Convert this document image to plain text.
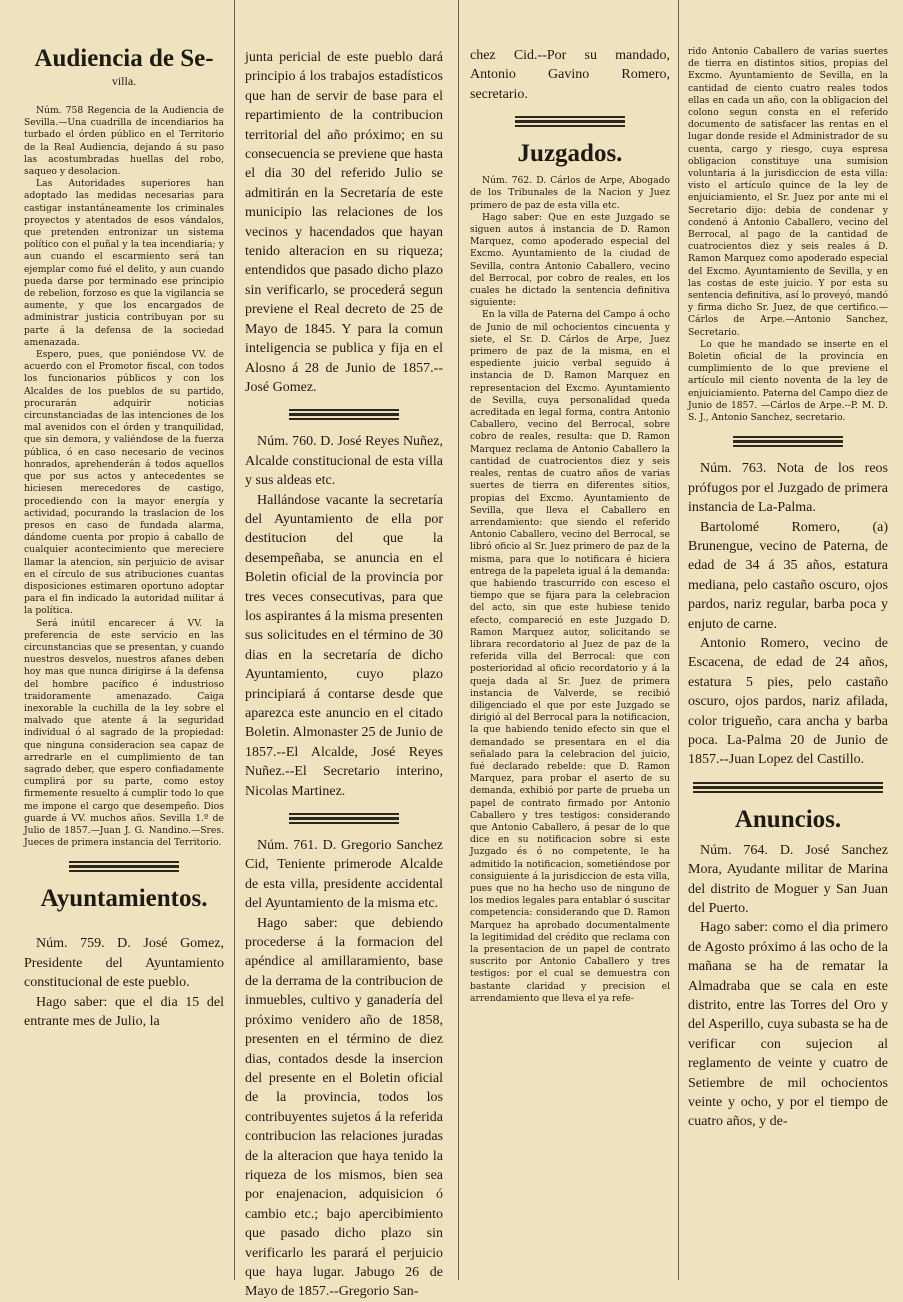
Audiencia de Se-
villa.

Núm. 758 Regencia de la Audiencia de Sevilla.—Una cuadrilla de incendiarios ha turbado el órden público en el Territorio de la Real Audiencia, dejando á su paso las acostumbradas huellas del robo, saqueo y desolacion.

Las Autoridades superiores han adoptado las medidas necesarias para castigar instantáneamente los criminales proyectos y atentados de esos vándalos, que pretenden entronizar un sistema político con el puñal y la tea incendiaria; y aun cuando el escarmiento será tan ejemplar como fué el delito, y aun cuando pueda darse por terminado ese principio de rebelion, forzoso es que la vigilancia se aumente, y que los encargados de administrar justicia contribuyan por su parte á la defensa de la sociedad amenazada.

Espero, pues, que poniéndose VV. de acuerdo con el Promotor fiscal, con todos los funcionarios públicos y con los Alcaldes de los pueblos de su partido, procurarán adquirir noticias circunstanciadas de las intenciones de los mal avenidos con el órden y tranquilidad, que sin demora, y valiéndose de la fuerza pública, ó en caso necesario de vecinos honrados, aprehenderán á todos aquellos que por sus actos y antecedentes se hiciesen merecedores de castigo, procediendo con la mayor energía y actividad, pocurando la traslacion de los presos en caso de fundada alarma, dándome cuenta por propio á caballo de cualquier acontecimiento que mereciere llamar la atencion, sin perjuicio de avisar en el círculo de sus atribuciones cuantas disposiciones estimaren oportuno adoptar para el fin indicado la autoridad militar á la política.

Será inútil encarecer á VV. la preferencia de este servicio en las circunstancias que se presentan, y cuando nuestros desvelos, nuestros afanes deben hoy mas que nunca dirigirse á la defensa del hombre pacífico é industrioso traidoramente amenazado. Caiga inexorable la cuchilla de la ley sobre el malvado que atente á la seguridad individual ó al sagrado de la propiedad: que ninguna consideracion sea capaz de arredrarle en el cumplimiento de tan sagrado deber, que espero confiadamente cumplirá por su parte, como estoy firmemente resuelto á cumplir todo lo que me impone el cargo que desempeño. Dios guarde á VV. muchos años. Sevilla 1.º de Julio de 1857.—Juan J. G. Nandino.—Sres. Jueces de primera instancia del Territorio.

Ayuntamientos.

Núm. 759. D. José Gomez, Presidente del Ayuntamiento constitucional de este pueblo.

Hago saber: que el dia 15 del entrante mes de Julio, la

junta pericial de este pueblo dará principio á los trabajos estadísticos que han de servir de base para el repartimiento de la contribucion territorial del año próximo; en su consecuencia se previene que hasta el dia 30 del referido Julio se admitirán en la Secretaría de este municipio las relaciones de los vecinos y hacendados que hayan tenido alteracion en su riqueza; entendidos que pasado dicho plazo sin verificarlo, se procederá segun previene el Real decreto de 25 de Mayo de 1845. Y para la comun inteligencia se publica y fija en el Alosno á 28 de Junio de 1857.--José Gomez.

Núm. 760. D. José Reyes Nuñez, Alcalde constitucional de esta villa y sus aldeas etc.

Hallándose vacante la secretaría del Ayuntamiento de ella por destitucion del que la desempeñaba, se anuncia en el Boletin oficial de la provincia por tres veces consecutivas, para que los aspirantes á la misma presenten sus solicitudes en el término de 30 dias en la secretaría de dicho Ayuntamiento, cuyo plazo principiará á contarse desde que aparezca este anuncio en el citado Boletin. Almonaster 25 de Junio de 1857.--El Alcalde, José Reyes Nuñez.--El Secretario interino, Nicolas Martinez.

Núm. 761. D. Gregorio Sanchez Cid, Teniente primerode Alcalde de esta villa, presidente accidental del Ayuntamiento de la misma etc.

Hago saber: que debiendo procederse á la formacion del apéndice al amillaramiento, base de la derrama de la contribucion de inmuebles, cultivo y ganadería del próximo venidero año de 1858, presenten en el término de diez dias, contados desde la insercion del presente en el Boletin oficial de la provincia, todos los contribuyentes sujetos á la referida contribucion las relaciones juradas de la alteracion que haya tenido la riqueza de los mismos, bien sea por enajenacion, adquisicion ó cambio etc.; bajo apercibimiento que pasado dicho plazo sin verificarlo les parará el perjuicio que haya lugar. Jabugo 26 de Mayo de 1857.--Gregorio San-

chez Cid.--Por su mandado, Antonio Gavino Romero, secretario.

Juzgados.

Núm. 762. D. Cárlos de Arpe, Abogado de los Tribunales de la Nacion y Juez primero de paz de esta villa etc.

Hago saber: Que en este Juzgado se siguen autos á instancia de D. Ramon Marquez, como apoderado especial del Excmo. Ayuntamiento de la ciudad de Sevilla, contra Antonio Caballero, vecino del Berrocal, por cobro de reales, en los cuales he dictado la sentencia definitiva siguiente:

En la villa de Paterna del Campo á ocho de Junio de mil ochocientos cincuenta y siete, el Sr. D. Cárlos de Arpe, Juez primero de paz de la misma, en el espediente juicio verbal seguido á instancia de D. Ramon Marquez en representacion del Excmo. Ayuntamiento de Sevilla, cuya personalidad queda acreditada en legal forma, contra Antonio Caballero, vecino del Berrocal, sobre cobro de reales, resulta: que D. Ramon Marquez reclama de Antonio Caballero la cantidad de cuatrocientos diez y seis reales, rentas de cuatro años de varias suertes de tierra en diferentes sitios, propias del Excmo. Ayuntamiento de Sevilla, que lleva el Caballero en arrendamiento: que siendo el referido Antonio Caballero, vecino del Berrocal, se libró oficio al Sr. Juez primero de paz de la misma, para que lo notificara é hiciera entrega de la papeleta igual á la demanda: que habiendo trascurrido con esceso el tiempo que se fijara para la celebracion del acto, sin que este hubiese tenido efecto, compareció en este Juzgado D. Ramon Marquez autor, solicitando se librara recordatorio al Juez de paz de la referida villa del Berrocal: que con posterioridad al oficio recordatorio y á la queja dada al Sr. Juez de primera instancia de Valverde, se recibió diligenciado el que por este Juzgado se dirigió al del Berrocal para la notificacion, la que habiendo tenido efecto sin que el demandado se presentara en el dia señalado para la celebracion del juicio, fué declarado rebelde: que D. Ramon Marquez, para probar el aserto de su demanda, exhibió por parte de prueba un papel de contrato firmado por Antonio Caballero y tres testigos: considerando que Antonio Caballero, á pesar de lo que dice en su notificacion sobre si este Juzgado és ó no competente, le ha admitido la notificacion, sometiéndose por consiguiente á la jurisdiccion de esta villa, pues que no ha hecho uso de ninguno de los medios legales para entablar ó suscitar competencia: considerando que D. Ramon Marquez ha aprobado documentalmente la legitimidad del crédito que reclama con la presentacion de un papel de contrato suscrito por Antonio Caballero y tres testigos: por el cual se demuestra con bastante claridad y precision el arrendamiento que lleva el ya refe-

rido Antonio Caballero de varias suertes de tierra en distintos sitios, propias del Excmo. Ayuntamiento de Sevilla, en la cantidad de ciento cuatro reales todos ellas en cada un año, con la obligacion del colono segun consta en el referido documento de satisfacer las rentas en el lugar donde reside el Administrador de su cuenta, cargo y riesgo, cuya espresa obligacion constituye una sumision voluntaria á la jurisdiccion de esta villa: visto el artículo quince de la ley de enjuiciamiento, el Sr. Juez por ante mi el Secretario dijo: debia de condenar y condenó á Antonio Caballero, vecino del Berrocal, al pago de la cantidad de cuatrocientos diez y seis reales á D. Ramon Marquez como apoderado especial del Excmo. Ayuntamiento de Sevilla, y en las costas de este juicio. Y por esta su sentencia definitiva, así lo proveyó, mandó y firma dicho Sr. Juez, de que certifico.—Cárlos de Arpe.—Antonio Sanchez, Secretario.

Lo que he mandado se inserte en el Boletin oficial de la provincia en cumplimiento de lo que previene el artículo mil ciento noventa de la ley de enjuiciamiento. Paterna del Campo diez de Junio de 1857. —Cárlos de Arpe.--P. M. D. S. J., Antonio Sanchez, secretario.

Núm. 763. Nota de los reos prófugos por el Juzgado de primera instancia de La-Palma.

Bartolomé Romero, (a) Brunengue, vecino de Paterna, de edad de 34 á 35 años, estatura mediana, pelo castaño oscuro, ojos pardos, nariz regular, barba poca y enjuto de carne.

Antonio Romero, vecino de Escacena, de edad de 24 años, estatura 5 pies, pelo castaño oscuro, ojos pardos, nariz afilada, color trigueño, cara ancha y barba poca. La-Palma 20 de Junio de 1857.--Juan Lopez del Castillo.

Anuncios.

Núm. 764. D. José Sanchez Mora, Ayudante militar de Marina del distrito de Moguer y San Juan del Puerto.

Hago saber: como el dia primero de Agosto próximo á las ocho de la mañana se ha de rematar la Almadraba que se cala en este distrito, entre las Torres del Oro y del Asperillo, cuya subasta se ha de verificar con sujecion al reglamento de veinte y cuatro de Setiembre de mil ochocientos veinte y ocho, y por el tiempo de cuatro años, y de-
